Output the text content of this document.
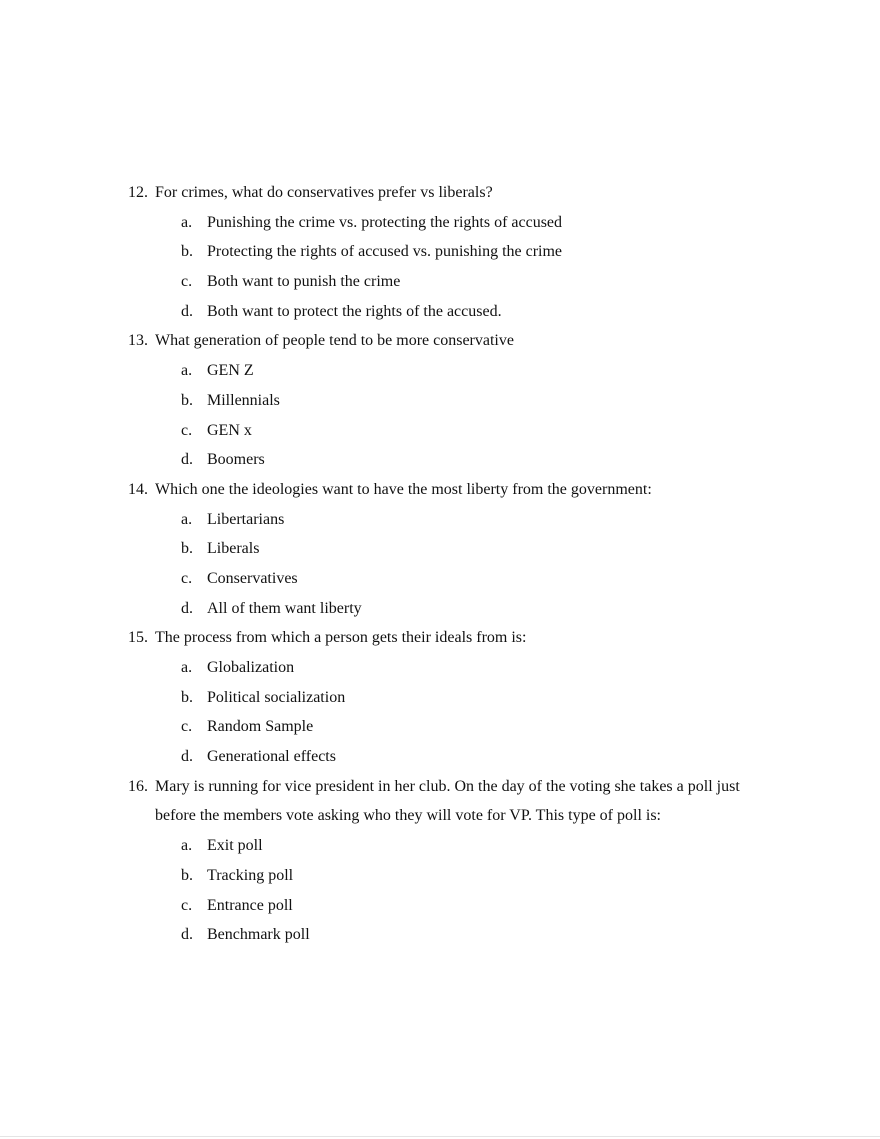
12. For crimes, what do conservatives prefer vs liberals?
a. Punishing the crime vs. protecting the rights of accused
b. Protecting the rights of accused vs. punishing the crime
c. Both want to punish the crime
d. Both want to protect the rights of the accused.
13. What generation of people tend to be more conservative
a. GEN Z
b. Millennials
c. GEN x
d. Boomers
14. Which one the ideologies want to have the most liberty from the government:
a. Libertarians
b. Liberals
c. Conservatives
d. All of them want liberty
15. The process from which a person gets their ideals from is:
a. Globalization
b. Political socialization
c. Random Sample
d. Generational effects
16. Mary is running for vice president in her club. On the day of the voting she takes a poll just
before the members vote asking who they will vote for VP. This type of poll is:
a. Exit poll
b. Tracking poll
c. Entrance poll
d. Benchmark poll
